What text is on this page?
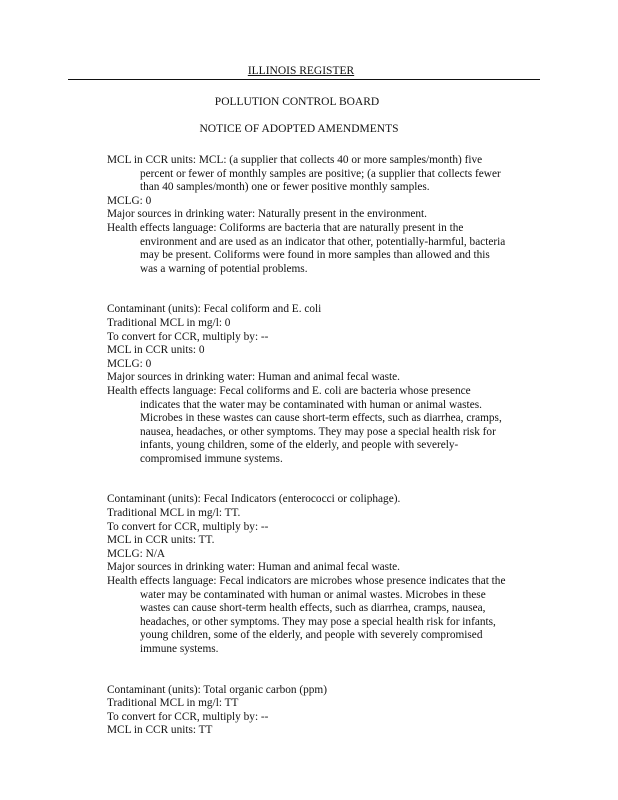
ILLINOIS REGISTER
POLLUTION CONTROL BOARD
NOTICE OF ADOPTED AMENDMENTS
MCL in CCR units: MCL: (a supplier that collects 40 or more samples/month) five
percent or fewer of monthly samples are positive; (a supplier that collects fewer
than 40 samples/month) one or fewer positive monthly samples.
MCLG: 0
Major sources in drinking water: Naturally present in the environment.
Health effects language: Coliforms are bacteria that are naturally present in the
environment and are used as an indicator that other, potentially-harmful, bacteria
may be present. Coliforms were found in more samples than allowed and this
was a warning of potential problems.
Contaminant (units): Fecal coliform and E. coli
Traditional MCL in mg/l: 0
To convert for CCR, multiply by: --
MCL in CCR units: 0
MCLG: 0
Major sources in drinking water: Human and animal fecal waste.
Health effects language: Fecal coliforms and E. coli are bacteria whose presence
indicates that the water may be contaminated with human or animal wastes.
Microbes in these wastes can cause short-term effects, such as diarrhea, cramps,
nausea, headaches, or other symptoms. They may pose a special health risk for
infants, young children, some of the elderly, and people with severely-
compromised immune systems.
Contaminant (units): Fecal Indicators (enterococci or coliphage).
Traditional MCL in mg/l: TT.
To convert for CCR, multiply by: --
MCL in CCR units: TT.
MCLG: N/A
Major sources in drinking water: Human and animal fecal waste.
Health effects language: Fecal indicators are microbes whose presence indicates that the
water may be contaminated with human or animal wastes. Microbes in these
wastes can cause short-term health effects, such as diarrhea, cramps, nausea,
headaches, or other symptoms. They may pose a special health risk for infants,
young children, some of the elderly, and people with severely compromised
immune systems.
Contaminant (units): Total organic carbon (ppm)
Traditional MCL in mg/l: TT
To convert for CCR, multiply by: --
MCL in CCR units: TT
